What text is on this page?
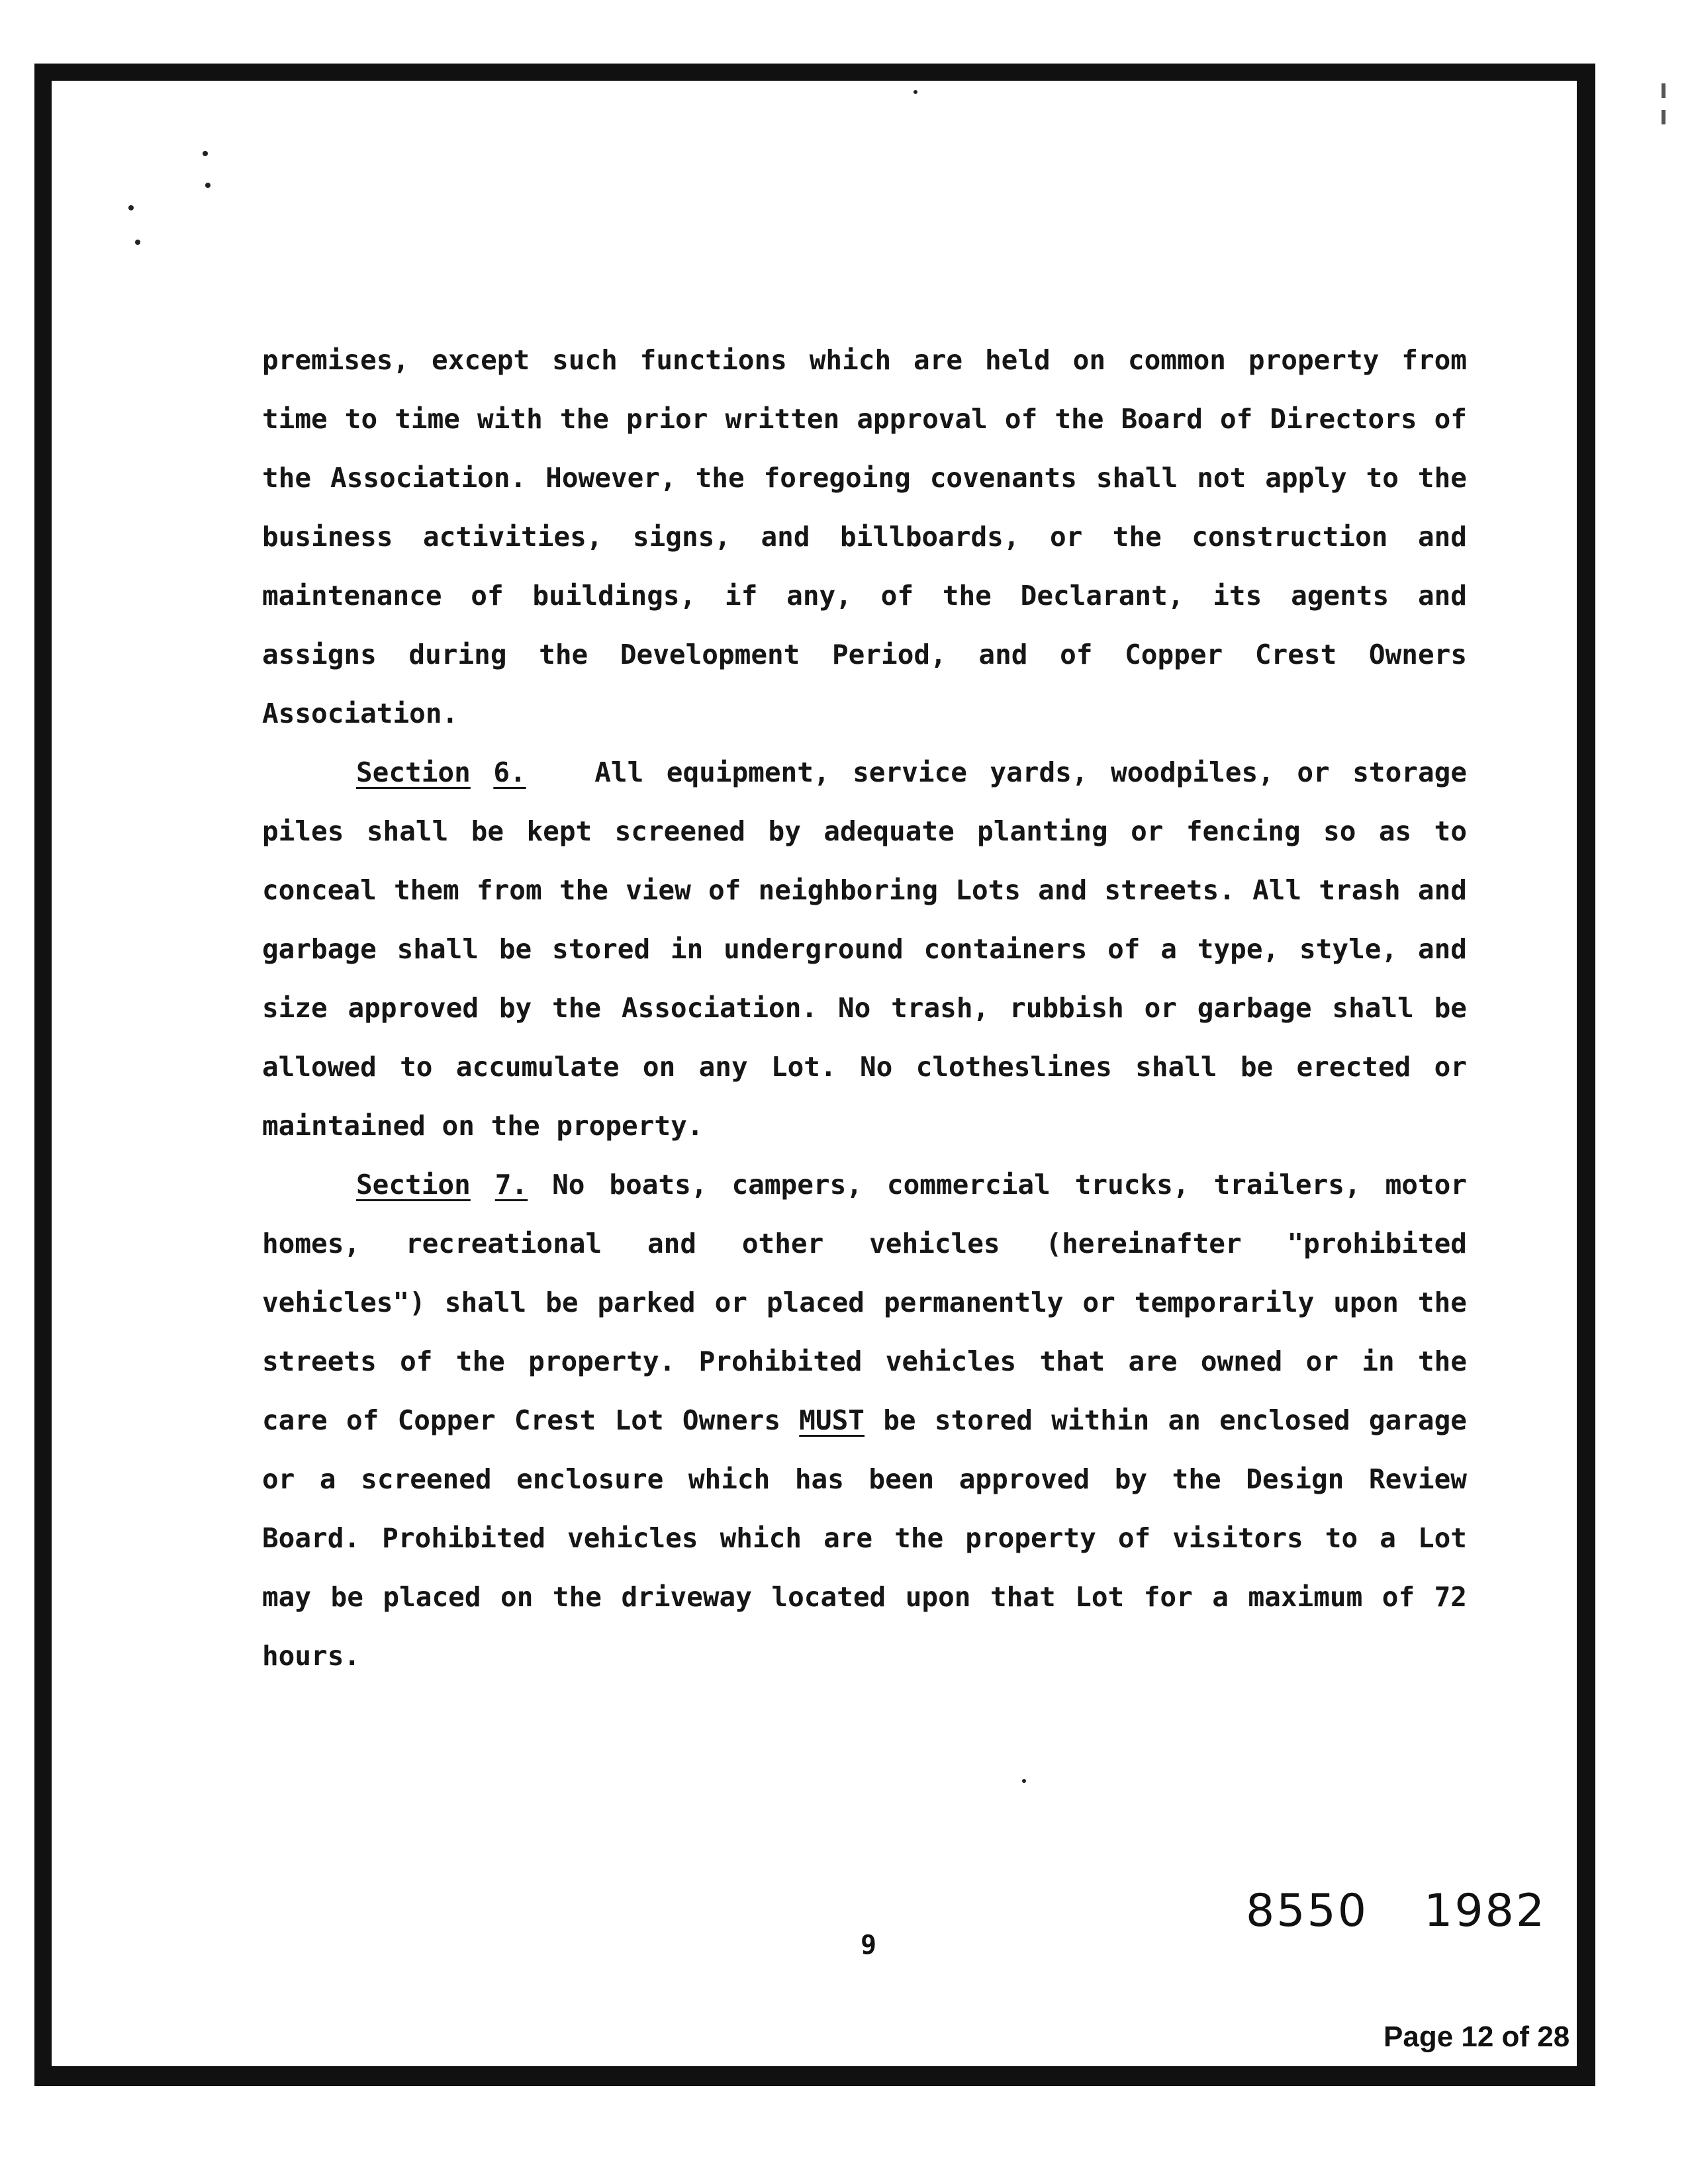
premises, except such functions which are held on common property from time to time with the prior written approval of the Board of Directors of the Association. However, the foregoing covenants shall not apply to the business activities, signs, and billboards, or the construction and maintenance of buildings, if any, of the Declarant, its agents and assigns during the Development Period, and of Copper Crest Owners Association.

Section 6.	All equipment, service yards, woodpiles, or storage piles shall be kept screened by adequate planting or fencing so as to conceal them from the view of neighboring Lots and streets. All trash and garbage shall be stored in underground containers of a type, style, and size approved by the Association. No trash, rubbish or garbage shall be allowed to accumulate on any Lot. No clotheslines shall be erected or maintained on the property.

Section 7. No boats, campers, commercial trucks, trailers, motor homes, recreational and other vehicles (hereinafter "prohibited vehicles") shall be parked or placed permanently or temporarily upon the streets of the property. Prohibited vehicles that are owned or in the care of Copper Crest Lot Owners MUST be stored within an enclosed garage or a screened enclosure which has been approved by the Design Review Board. Prohibited vehicles which are the property of visitors to a Lot may be placed on the driveway located upon that Lot for a maximum of 72 hours.

8550 1982
9
Page 12 of 28
